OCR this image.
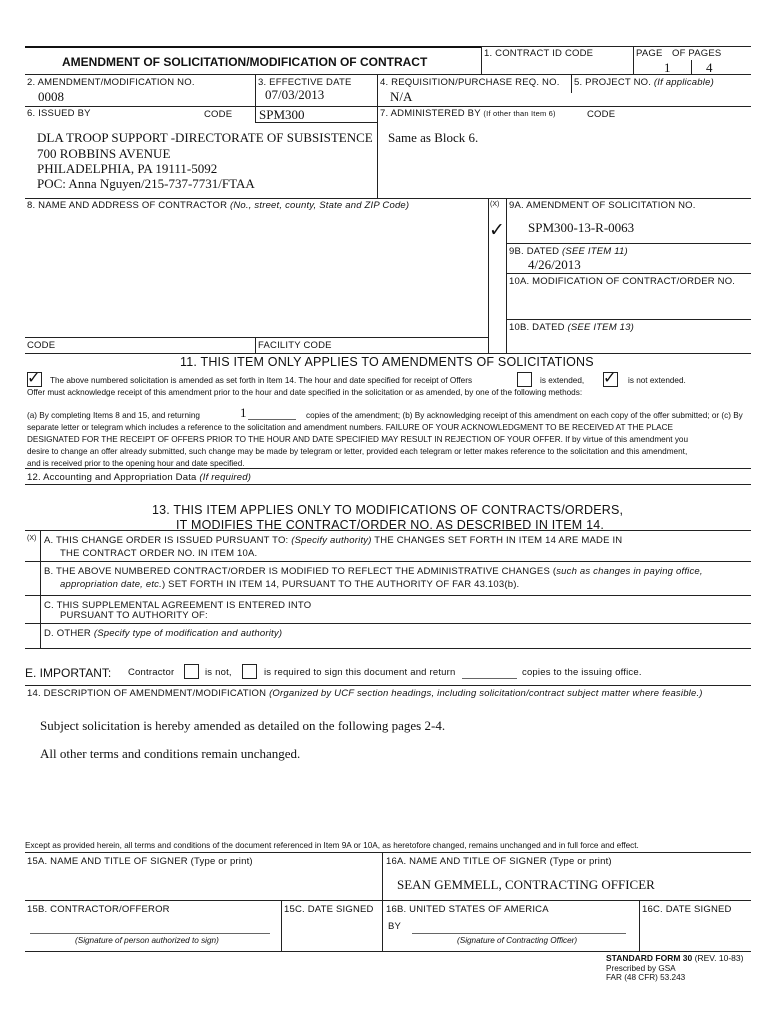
AMENDMENT OF SOLICITATION/MODIFICATION OF CONTRACT
1. CONTRACT ID CODE	PAGE OF PAGES
1	4
2. AMENDMENT/MODIFICATION NO.
0008
3. EFFECTIVE DATE
07/03/2013
4. REQUISITION/PURCHASE REQ. NO.
N/A
5. PROJECT NO. (If applicable)
6. ISSUED BY	CODE SPM300	7. ADMINISTERED BY (If other than Item 6)	CODE
DLA TROOP SUPPORT -DIRECTORATE OF SUBSISTENCE
700 ROBBINS AVENUE
PHILADELPHIA, PA 19111-5092
POC: Anna Nguyen/215-737-7731/FTAA
Same as Block 6.
8. NAME AND ADDRESS OF CONTRACTOR (No., street, county, State and ZIP Code)	(X) 9A. AMENDMENT OF SOLICITATION NO.
✓ SPM300-13-R-0063
9B. DATED (SEE ITEM 11)
4/26/2013
10A. MODIFICATION OF CONTRACT/ORDER NO.
10B. DATED (SEE ITEM 13)
CODE	FACILITY CODE
11. THIS ITEM ONLY APPLIES TO AMENDMENTS OF SOLICITATIONS
✓ The above numbered solicitation is amended as set forth in Item 14. The hour and date specified for receipt of Offers	is extended, ✓ is not extended.
Offer must acknowledge receipt of this amendment prior to the hour and date specified in the solicitation or as amended, by one of the following methods:
(a) By completing Items 8 and 15, and returning	1	copies of the amendment; (b) By acknowledging receipt of this amendment on each copy of the offer submitted; or (c) By
separate letter or telegram which includes a reference to the solicitation and amendment numbers. FAILURE OF YOUR ACKNOWLEDGMENT TO BE RECEIVED AT THE PLACE
DESIGNATED FOR THE RECEIPT OF OFFERS PRIOR TO THE HOUR AND DATE SPECIFIED MAY RESULT IN REJECTION OF YOUR OFFER. If by virtue of this amendment you
desire to change an offer already submitted, such change may be made by telegram or letter, provided each telegram or letter makes reference to the solicitation and this amendment,
and is received prior to the opening hour and date specified.
12. Accounting and Appropriation Data (If required)
13. THIS ITEM APPLIES ONLY TO MODIFICATIONS OF CONTRACTS/ORDERS,
IT MODIFIES THE CONTRACT/ORDER NO. AS DESCRIBED IN ITEM 14.
(X) A. THIS CHANGE ORDER IS ISSUED PURSUANT TO: (Specify authority) THE CHANGES SET FORTH IN ITEM 14 ARE MADE IN
THE CONTRACT ORDER NO. IN ITEM 10A.
B. THE ABOVE NUMBERED CONTRACT/ORDER IS MODIFIED TO REFLECT THE ADMINISTRATIVE CHANGES (such as changes in paying office,
appropriation date, etc.) SET FORTH IN ITEM 14, PURSUANT TO THE AUTHORITY OF FAR 43.103(b).
C. THIS SUPPLEMENTAL AGREEMENT IS ENTERED INTO
PURSUANT TO AUTHORITY OF:
D. OTHER (Specify type of modification and authority)
E. IMPORTANT: Contractor	is not,	is required to sign this document and return	copies to the issuing office.
14. DESCRIPTION OF AMENDMENT/MODIFICATION (Organized by UCF section headings, including solicitation/contract subject matter where feasible.)
Subject solicitation is hereby amended as detailed on the following pages 2-4.
All other terms and conditions remain unchanged.
Except as provided herein, all terms and conditions of the document referenced in Item 9A or 10A, as heretofore changed, remains unchanged and in full force and effect.
15A. NAME AND TITLE OF SIGNER (Type or print)	16A. NAME AND TITLE OF SIGNER (Type or print)
SEAN GEMMELL, CONTRACTING OFFICER
15B. CONTRACTOR/OFFEROR	15C. DATE SIGNED 16B. UNITED STATES OF AMERICA	16C. DATE SIGNED
BY
(Signature of person authorized to sign)	(Signature of Contracting Officer)
STANDARD FORM 30 (REV. 10-83)
Prescribed by GSA
FAR (48 CFR) 53.243
